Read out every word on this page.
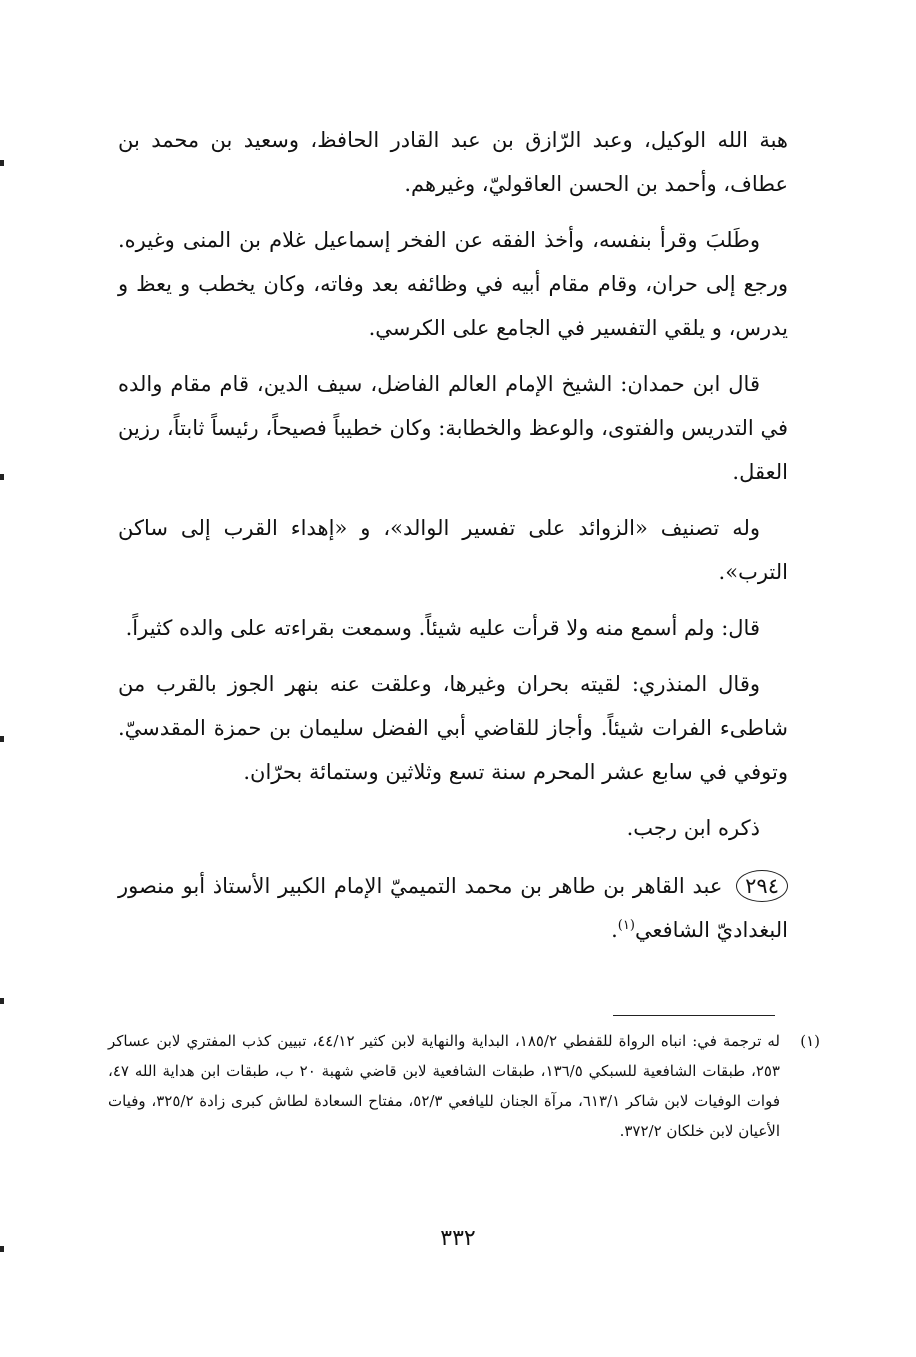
هبة الله الوكيل، وعبد الرّازق بن عبد القادر الحافظ، وسعيد بن محمد بن عطاف، وأحمد بن الحسن العاقوليّ، وغيرهم.

وطَلبَ وقرأ بنفسه، وأخذ الفقه عن الفخر إسماعيل غلام بن المنى وغيره. ورجع إلى حران، وقام مقام أبيه في وظائفه بعد وفاته، وكان يخطب و يعظ و يدرس، و يلقي التفسير في الجامع على الكرسي.

قال ابن حمدان: الشيخ الإمام العالم الفاضل، سيف الدين، قام مقام والده في التدريس والفتوى، والوعظ والخطابة: وكان خطيباً فصيحاً، رئيساً ثابتاً، رزين العقل.

وله تصنيف «الزوائد على تفسير الوالد»، و «إهداء القرب إلى ساكن الترب».

قال: ولم أسمع منه ولا قرأت عليه شيئاً. وسمعت بقراءته على والده كثيراً.

وقال المنذري: لقيته بحران وغيرها، وعلقت عنه بنهر الجوز بالقرب من شاطىء الفرات شيئاً. وأجاز للقاضي أبي الفضل سليمان بن حمزة المقدسيّ. وتوفي في سابع عشر المحرم سنة تسع وثلاثين وستمائة بحرّان.

ذكره ابن رجب.

٢٩٤ عبد القاهر بن طاهر بن محمد التميميّ الإمام الكبير الأستاذ أبو منصور البغداديّ الشافعي$^{(١)}$.

(١)
له ترجمة في: انباه الرواة للقفطي ١٨٥/٢، البداية والنهاية لابن كثير ٤٤/١٢، تبيين كذب المفتري لابن عساكر ٢٥٣، طبقات الشافعية للسبكي ١٣٦/٥، طبقات الشافعية لابن قاضي شهبة ٢٠ ب، طبقات ابن هداية الله ٤٧، فوات الوفيات لابن شاكر ٦١٣/١، مرآة الجنان لليافعي ٥٢/٣، مفتاح السعادة لطاش كبرى زادة ٣٢٥/٢، وفيات الأعيان لابن خلكان ٣٧٢/٢.
٣٣٢
